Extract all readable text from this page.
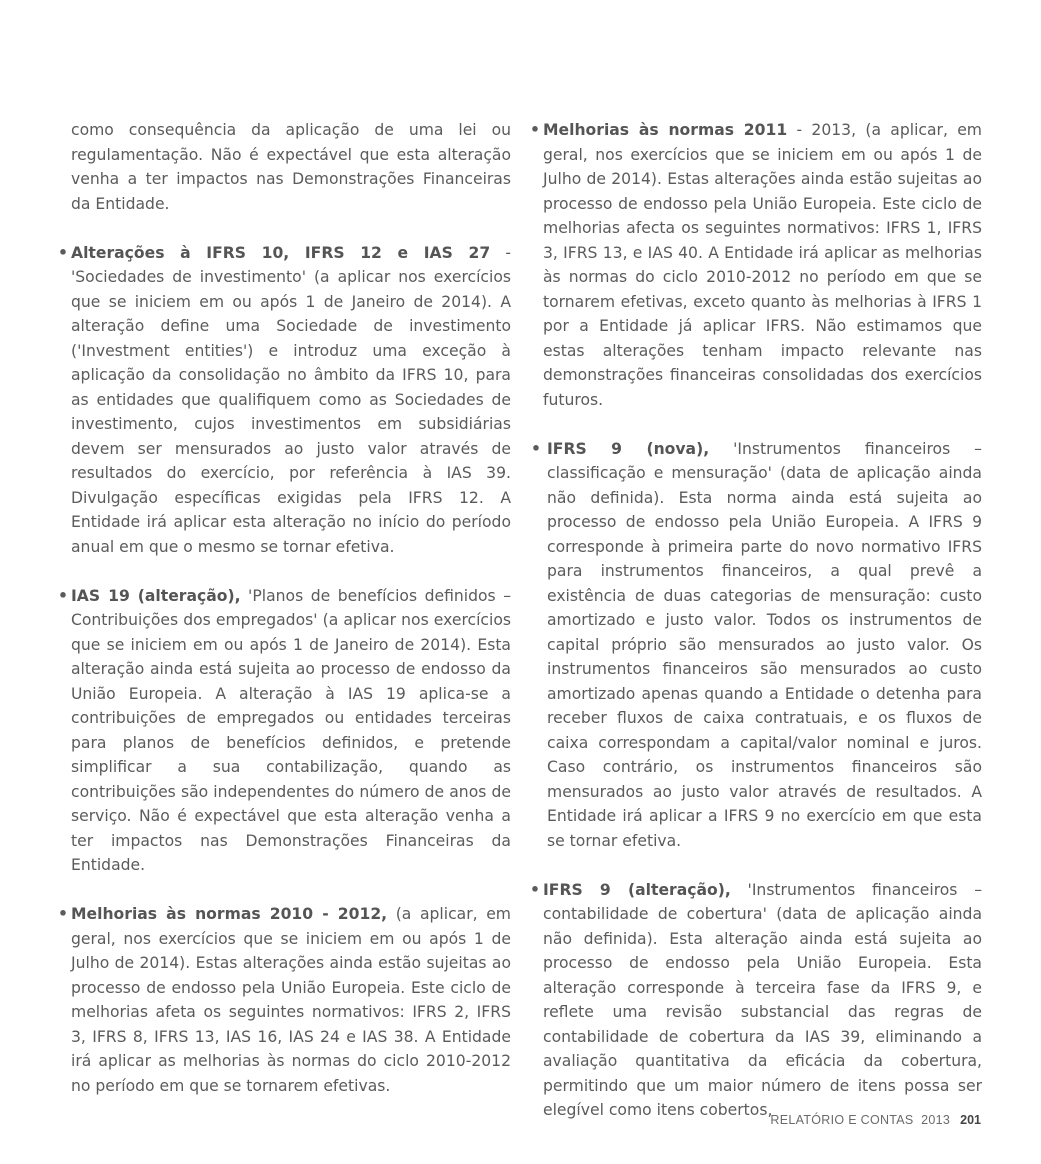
como consequência da aplicação de uma lei ou regulamentação. Não é expectável que esta alteração venha a ter impactos nas Demonstrações Financeiras da Entidade.

• Alterações à IFRS 10, IFRS 12 e IAS 27 - 'Sociedades de investimento' (a aplicar nos exercícios que se iniciem em ou após 1 de Janeiro de 2014). A alteração define uma Sociedade de investimento ('Investment entities') e introduz uma exceção à aplicação da consolidação no âmbito da IFRS 10, para as entidades que qualifiquem como as Sociedades de investimento, cujos investimentos em subsidiárias devem ser mensurados ao justo valor através de resultados do exercício, por referência à IAS 39. Divulgação específicas exigidas pela IFRS 12. A Entidade irá aplicar esta alteração no início do período anual em que o mesmo se tornar efetiva.
• IAS 19 (alteração), 'Planos de benefícios definidos – Contribuições dos empregados' (a aplicar nos exercícios que se iniciem em ou após 1 de Janeiro de 2014). Esta alteração ainda está sujeita ao processo de endosso da União Europeia. A alteração à IAS 19 aplica-se a contribuições de empregados ou entidades terceiras para planos de benefícios definidos, e pretende simplificar a sua contabilização, quando as contribuições são independentes do número de anos de serviço. Não é expectável que esta alteração venha a ter impactos nas Demonstrações Financeiras da Entidade.
• Melhorias às normas 2010 - 2012, (a aplicar, em geral, nos exercícios que se iniciem em ou após 1 de Julho de 2014). Estas alterações ainda estão sujeitas ao processo de endosso pela União Europeia. Este ciclo de melhorias afeta os seguintes normativos: IFRS 2, IFRS 3, IFRS 8, IFRS 13, IAS 16, IAS 24 e IAS 38. A Entidade irá aplicar as melhorias às normas do ciclo 2010-2012 no período em que se tornarem efetivas.
• Melhorias às normas 2011 - 2013, (a aplicar, em geral, nos exercícios que se iniciem em ou após 1 de Julho de 2014). Estas alterações ainda estão sujeitas ao processo de endosso pela União Europeia. Este ciclo de melhorias afecta os seguintes normativos: IFRS 1, IFRS 3, IFRS 13, e IAS 40. A Entidade irá aplicar as melhorias às normas do ciclo 2010-2012 no período em que se tornarem efetivas, exceto quanto às melhorias à IFRS 1 por a Entidade já aplicar IFRS. Não estimamos que estas alterações tenham impacto relevante nas demonstrações financeiras consolidadas dos exercícios futuros.
• IFRS 9 (nova), 'Instrumentos financeiros – classificação e mensuração' (data de aplicação ainda não definida). Esta norma ainda está sujeita ao processo de endosso pela União Europeia. A IFRS 9 corresponde à primeira parte do novo normativo IFRS para instrumentos financeiros, a qual prevê a existência de duas categorias de mensuração: custo amortizado e justo valor. Todos os instrumentos de capital próprio são mensurados ao justo valor. Os instrumentos financeiros são mensurados ao custo amortizado apenas quando a Entidade o detenha para receber fluxos de caixa contratuais, e os fluxos de caixa correspondam a capital/valor nominal e juros. Caso contrário, os instrumentos financeiros são mensurados ao justo valor através de resultados. A Entidade irá aplicar a IFRS 9 no exercício em que esta se tornar efetiva.
• IFRS 9 (alteração), 'Instrumentos financeiros – contabilidade de cobertura' (data de aplicação ainda não definida). Esta alteração ainda está sujeita ao processo de endosso pela União Europeia. Esta alteração corresponde à terceira fase da IFRS 9, e reflete uma revisão substancial das regras de contabilidade de cobertura da IAS 39, eliminando a avaliação quantitativa da eficácia da cobertura, permitindo que um maior número de itens possa ser elegível como itens cobertos,
RELATÓRIO E CONTAS  2013 201
